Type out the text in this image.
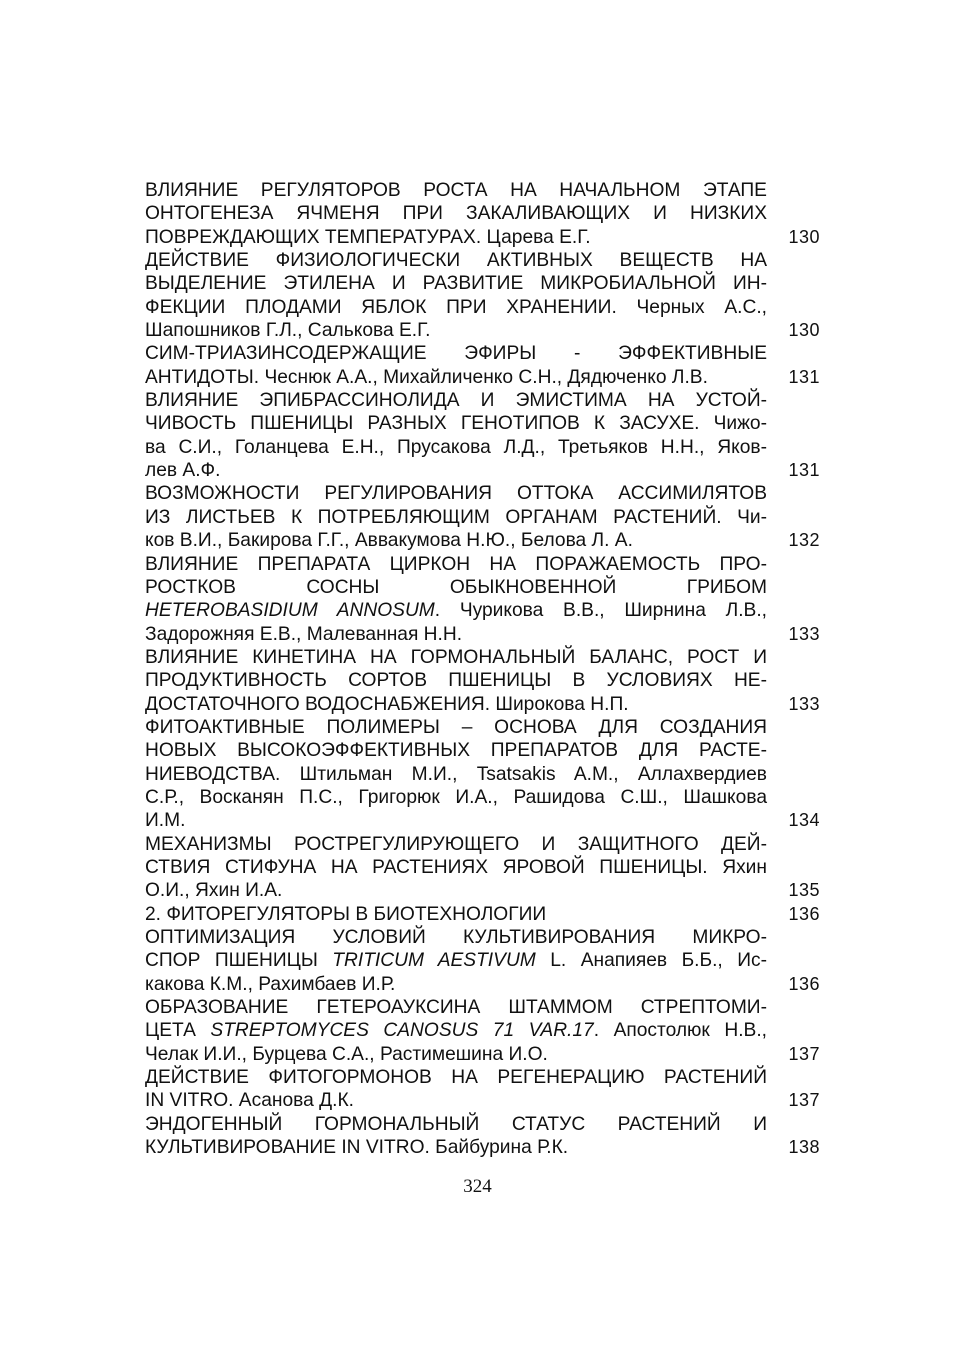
ВЛИЯНИЕ РЕГУЛЯТОРОВ РОСТА НА НАЧАЛЬНОМ ЭТАПЕ
ОНТОГЕНЕЗА ЯЧМЕНЯ ПРИ ЗАКАЛИВАЮЩИХ И НИЗКИХ
ПОВРЕЖДАЮЩИХ ТЕМПЕРАТУРАХ. Царева Е.Г.	130
ДЕЙСТВИЕ ФИЗИОЛОГИЧЕСКИ АКТИВНЫХ ВЕЩЕСТВ НА
ВЫДЕЛЕНИЕ ЭТИЛЕНА И РАЗВИТИЕ МИКРОБИАЛЬНОЙ ИН-
ФЕКЦИИ ПЛОДАМИ ЯБЛОК ПРИ ХРАНЕНИИ. Черных А.С.,
Шапошников Г.Л., Салькова Е.Г.	130
СИМ-ТРИАЗИНСОДЕРЖАЩИЕ ЭФИРЫ - ЭФФЕКТИВНЫЕ
АНТИДОТЫ. Чеснюк А.А., Михайличенко С.Н., Дядюченко Л.В.	131
ВЛИЯНИЕ ЭПИБРАССИНОЛИДА И ЭМИСТИМА НА УСТОЙ-
ЧИВОСТЬ ПШЕНИЦЫ РАЗНЫХ ГЕНОТИПОВ К ЗАСУХЕ. Чижо-
ва С.И., Голанцева Е.Н., Прусакова Л.Д., Третьяков Н.Н., Яков-
лев А.Ф.	131
ВОЗМОЖНОСТИ РЕГУЛИРОВАНИЯ ОТТОКА АССИМИЛЯТОВ
ИЗ ЛИСТЬЕВ К ПОТРЕБЛЯЮЩИМ ОРГАНАМ РАСТЕНИЙ. Чи-
ков В.И., Бакирова Г.Г., Аввакумова Н.Ю., Белова Л. А.	132
ВЛИЯНИЕ ПРЕПАРАТА ЦИРКОН НА ПОРАЖАЕМОСТЬ ПРО-
РОСТКОВ СОСНЫ ОБЫКНОВЕННОЙ ГРИБОМ
HETEROBASIDIUM ANNOSUM. Чурикова В.В., Ширнина Л.В.,
Задорожняя Е.В., Малеванная Н.Н.	133
ВЛИЯНИЕ КИНЕТИНА НА ГОРМОНАЛЬНЫЙ БАЛАНС, РОСТ И
ПРОДУКТИВНОСТЬ СОРТОВ ПШЕНИЦЫ В УСЛОВИЯХ НЕ-
ДОСТАТОЧНОГО ВОДОСНАБЖЕНИЯ. Широкова Н.П.	133
ФИТОАКТИВНЫЕ ПОЛИМЕРЫ – ОСНОВА ДЛЯ СОЗДАНИЯ
НОВЫХ ВЫСОКОЭФФЕКТИВНЫХ ПРЕПАРАТОВ ДЛЯ РАСТЕ-
НИЕВОДСТВА. Штильман М.И., Tsatsakis A.M., Аллахвердиев
С.Р., Восканян П.С., Григорюк И.А., Рашидова С.Ш., Шашкова
И.М.	134
МЕХАНИЗМЫ РОСТРЕГУЛИРУЮЩЕГО И ЗАЩИТНОГО ДЕЙ-
СТВИЯ СТИФУНА НА РАСТЕНИЯХ ЯРОВОЙ ПШЕНИЦЫ. Яхин
О.И., Яхин И.А.	135
2. ФИТОРЕГУЛЯТОРЫ В БИОТЕХНОЛОГИИ	136
ОПТИМИЗАЦИЯ УСЛОВИЙ КУЛЬТИВИРОВАНИЯ МИКРО-
СПОР ПШЕНИЦЫ TRITICUM AESTIVUM L. Анапияев Б.Б., Ис-
какова К.М., Рахимбаев И.Р.	136
ОБРАЗОВАНИЕ ГЕТЕРОАУКСИНА ШТАММОМ СТРЕПТОМИ-
ЦЕТА STREPTOMYCES CANOSUS 71 VAR.17. Апостолюк Н.В.,
Челак И.И., Бурцева С.А., Растимешина И.О.	137
ДЕЙСТВИЕ ФИТОГОРМОНОВ НА РЕГЕНЕРАЦИЮ РАСТЕНИЙ
IN VITRO. Асанова Д.К.	137
ЭНДОГЕННЫЙ ГОРМОНАЛЬНЫЙ СТАТУС РАСТЕНИЙ И
КУЛЬТИВИРОВАНИЕ IN VITRO. Байбурина Р.К.	138
324
